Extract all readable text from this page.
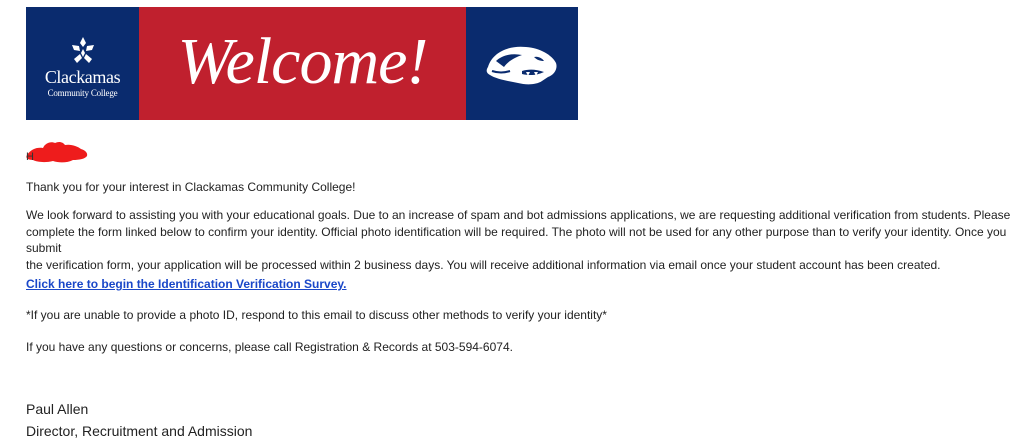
Clackamas
Community College Welcome!
H

Thank you for your interest in Clackamas Community College!

We look forward to assisting you with your educational goals. Due to an increase of spam and bot admissions applications, we are requesting additional verification from students. Please
complete the form linked below to confirm your identity. Official photo identification will be required. The photo will not be used for any other purpose than to verify your identity. Once you submit
the verification form, your application will be processed within 2 business days. You will receive additional information via email once your student account has been created.
Click here to begin the Identification Verification Survey.

*If you are unable to provide a photo ID, respond to this email to discuss other methods to verify your identity*

If you have any questions or concerns, please call Registration & Records at 503-594-6074.

Paul Allen
Director, Recruitment and Admission
